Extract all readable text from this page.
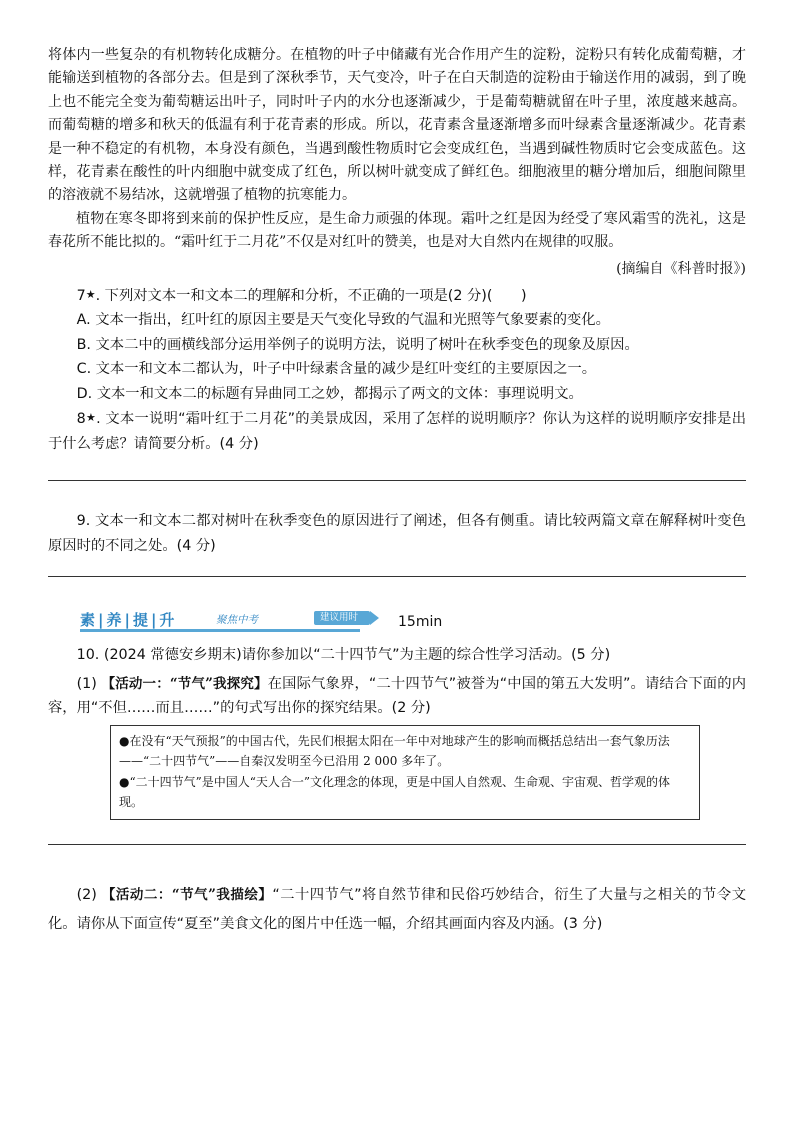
将体内一些复杂的有机物转化成糖分。在植物的叶子中储藏有光合作用产生的淀粉，淀粉只有转化成葡萄糖，才能输送到植物的各部分去。但是到了深秋季节，天气变冷，叶子在白天制造的淀粉由于输送作用的减弱，到了晚上也不能完全变为葡萄糖运出叶子，同时叶子内的水分也逐渐减少，于是葡萄糖就留在叶子里，浓度越来越高。而葡萄糖的增多和秋天的低温有利于花青素的形成。所以，花青素含量逐渐增多而叶绿素含量逐渐减少。花青素是一种不稳定的有机物，本身没有颜色，当遇到酸性物质时它会变成红色，当遇到碱性物质时它会变成蓝色。这样，花青素在酸性的叶内细胞中就变成了红色，所以树叶就变成了鲜红色。细胞液里的糖分增加后，细胞间隙里的溶液就不易结冰，这就增强了植物的抗寒能力。

植物在寒冬即将到来前的保护性反应，是生命力顽强的体现。霜叶之红是因为经受了寒风霜雪的洗礼，这是春花所不能比拟的。“霜叶红于二月花”不仅是对红叶的赞美，也是对大自然内在规律的叹服。

(摘编自《科普时报》)

7★. 下列对文本一和文本二的理解和分析，不正确的一项是(2 分)(　　)

A. 文本一指出，红叶红的原因主要是天气变化导致的气温和光照等气象要素的变化。

B. 文本二中的画横线部分运用举例子的说明方法，说明了树叶在秋季变色的现象及原因。

C. 文本一和文本二都认为，叶子中叶绿素含量的减少是红叶变红的主要原因之一。

D. 文本一和文本二的标题有异曲同工之妙，都揭示了两文的文体：事理说明文。

8★. 文本一说明“霜叶红于二月花”的美景成因，采用了怎样的说明顺序？你认为这样的说明顺序安排是出于什么考虑？请简要分析。(4 分)

9. 文本一和文本二都对树叶在秋季变色的原因进行了阐述，但各有侧重。请比较两篇文章在解释树叶变色原因时的不同之处。(4 分)

素|养|提|升	聚焦中考	建议用时	15min

10. (2024 常德安乡期末)请你参加以“二十四节气”为主题的综合性学习活动。(5 分)

(1) 【活动一：“节气”我探究】在国际气象界，“二十四节气”被誉为“中国的第五大发明”。请结合下面的内容，用“不但……而且……”的句式写出你的探究结果。(2 分)

●在没有“天气预报”的中国古代，先民们根据太阳在一年中对地球产生的影响而概括总结出一套气象历法——“二十四节气”——自秦汉发明至今已沿用 2 000 多年了。

●“二十四节气”是中国人“天人合一”文化理念的体现，更是中国人自然观、生命观、宇宙观、哲学观的体现。

(2) 【活动二：“节气”我描绘】“二十四节气”将自然节律和民俗巧妙结合，衍生了大量与之相关的节令文化。请你从下面宣传“夏至”美食文化的图片中任选一幅，介绍其画面内容及内涵。(3 分)
